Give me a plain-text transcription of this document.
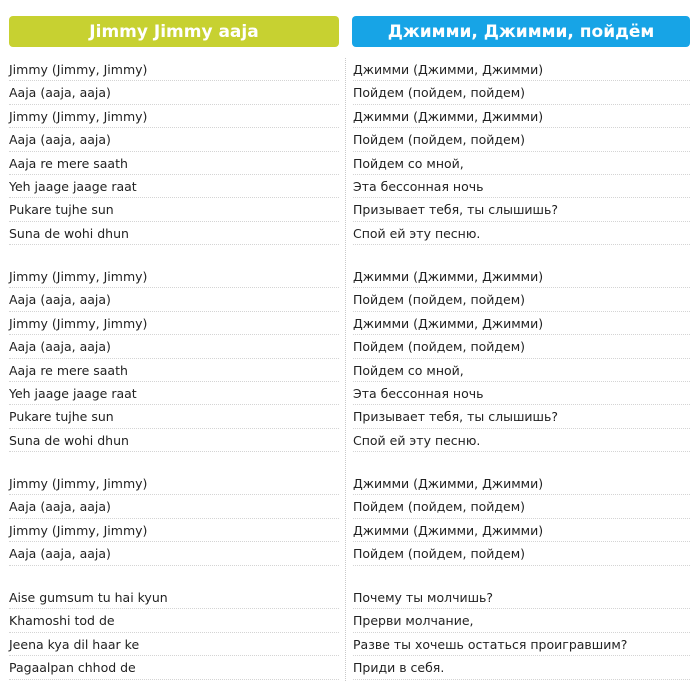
Jimmy Jimmy aaja	Джимми, Джимми, пойдём
Jimmy (Jimmy, Jimmy)	Джимми (Джимми, Джимми)
Aaja (aaja, aaja)	Пойдем (пойдем, пойдем)
Jimmy (Jimmy, Jimmy)	Джимми (Джимми, Джимми)
Aaja (aaja, aaja)	Пойдем (пойдем, пойдем)
Aaja re mere saath	Пойдем со мной,
Yeh jaage jaage raat	Эта бессонная ночь
Pukare tujhe sun	Призывает тебя, ты слышишь?
Suna de wohi dhun	Спой ей эту песню.
Jimmy (Jimmy, Jimmy)	Джимми (Джимми, Джимми)
Aaja (aaja, aaja)	Пойдем (пойдем, пойдем)
Jimmy (Jimmy, Jimmy)	Джимми (Джимми, Джимми)
Aaja (aaja, aaja)	Пойдем (пойдем, пойдем)
Aaja re mere saath	Пойдем со мной,
Yeh jaage jaage raat	Эта бессонная ночь
Pukare tujhe sun	Призывает тебя, ты слышишь?
Suna de wohi dhun	Спой ей эту песню.
Jimmy (Jimmy, Jimmy)	Джимми (Джимми, Джимми)
Aaja (aaja, aaja)	Пойдем (пойдем, пойдем)
Jimmy (Jimmy, Jimmy)	Джимми (Джимми, Джимми)
Aaja (aaja, aaja)	Пойдем (пойдем, пойдем)
Aise gumsum tu hai kyun	Почему ты молчишь?
Khamoshi tod de	Прерви молчание,
Jeena kya dil haar ke	Разве ты хочешь остаться проигравшим?
Pagaalpan chhod de	Приди в себя.
